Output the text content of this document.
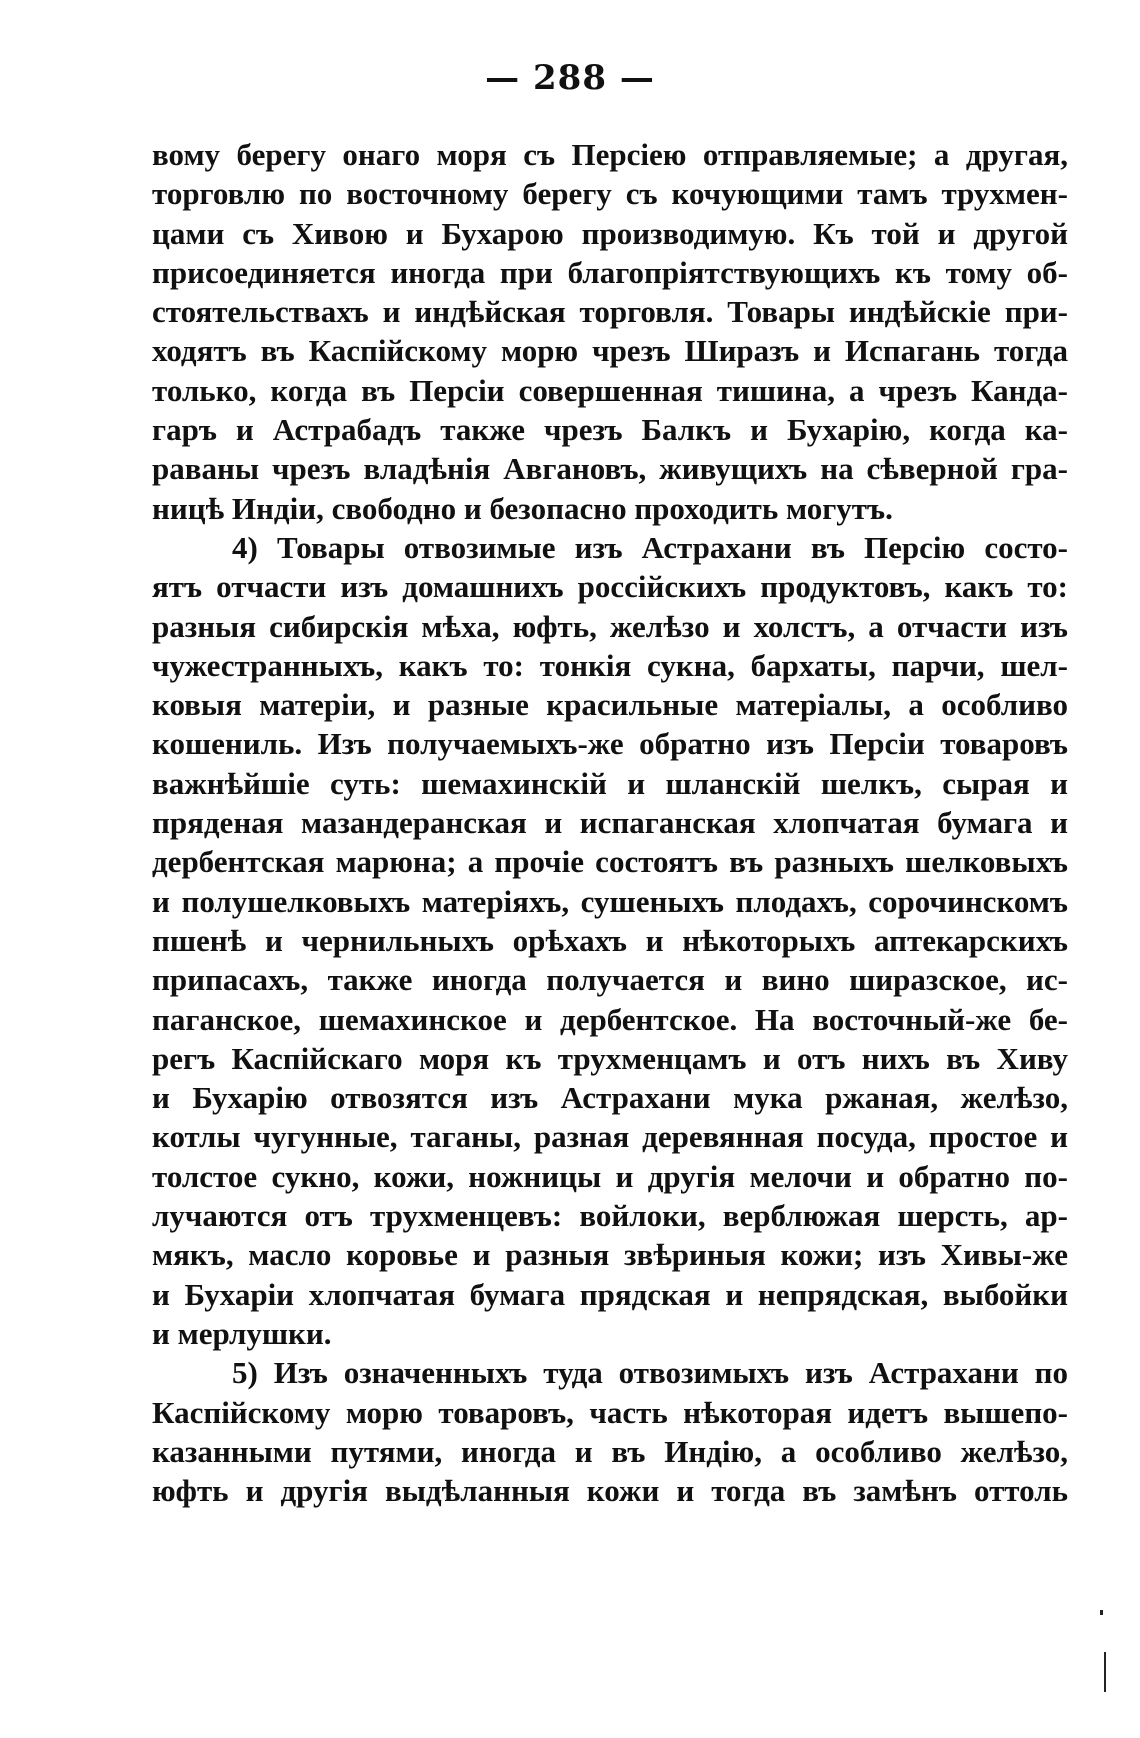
— 288 —
вому берегу онаго моря съ Персіею отправляемые; а другая,
торговлю по восточному берегу съ кочующими тамъ трухмен-
цами съ Хивою и Бухарою производимую. Къ той и другой
присоединяется иногда при благопріятствующихъ къ тому об-
стоятельствахъ и индѣйская торговля. Товары индѣйскіе при-
ходятъ въ Каспійскому морю чрезъ Ширазъ и Испагань тогда
только, когда въ Персіи совершенная тишина, а чрезъ Канда-
гаръ и Астрабадъ также чрезъ Балкъ и Бухарію, когда ка-
раваны чрезъ владѣнія Авгановъ, живущихъ на сѣверной гра-
ницѣ Индіи, свободно и безопасно проходить могутъ.
4) Товары отвозимые изъ Астрахани въ Персію состо-
ятъ отчасти изъ домашнихъ россійскихъ продуктовъ, какъ то:
разныя сибирскія мѣха, юфть, желѣзо и холстъ, а отчасти изъ
чужестранныхъ, какъ то: тонкія сукна, бархаты, парчи, шел-
ковыя матеріи, и разные красильные матеріалы, а особливо
кошениль. Изъ получаемыхъ-же обратно изъ Персіи товаровъ
важнѣйшіе суть: шемахинскій и шланскій шелкъ, сырая и
пряденая мазандеранская и испаганская хлопчатая бумага и
дербентская марюна; а прочіе состоятъ въ разныхъ шелковыхъ
и полушелковыхъ матеріяхъ, сушеныхъ плодахъ, сорочинскомъ
пшенѣ и чернильныхъ орѣхахъ и нѣкоторыхъ аптекарскихъ
припасахъ, также иногда получается и вино ширазское, ис-
паганское, шемахинское и дербентское. На восточный-же бе-
регъ Каспійскаго моря къ трухменцамъ и отъ нихъ въ Хиву
и Бухарію отвозятся изъ Астрахани мука ржаная, желѣзо,
котлы чугунные, таганы, разная деревянная посуда, простое и
толстое сукно, кожи, ножницы и другія мелочи и обратно по-
лучаются отъ трухменцевъ: войлоки, верблюжая шерсть, ар-
мякъ, масло коровье и разныя звѣриныя кожи; изъ Хивы-же
и Бухаріи хлопчатая бумага прядская и непрядская, выбойки
и мерлушки.
5) Изъ означенныхъ туда отвозимыхъ изъ Астрахани по
Каспійскому морю товаровъ, часть нѣкоторая идетъ вышепо-
казанными путями, иногда и въ Индію, а особливо желѣзо,
юфть и другія выдѣланныя кожи и тогда въ замѣнъ оттоль
